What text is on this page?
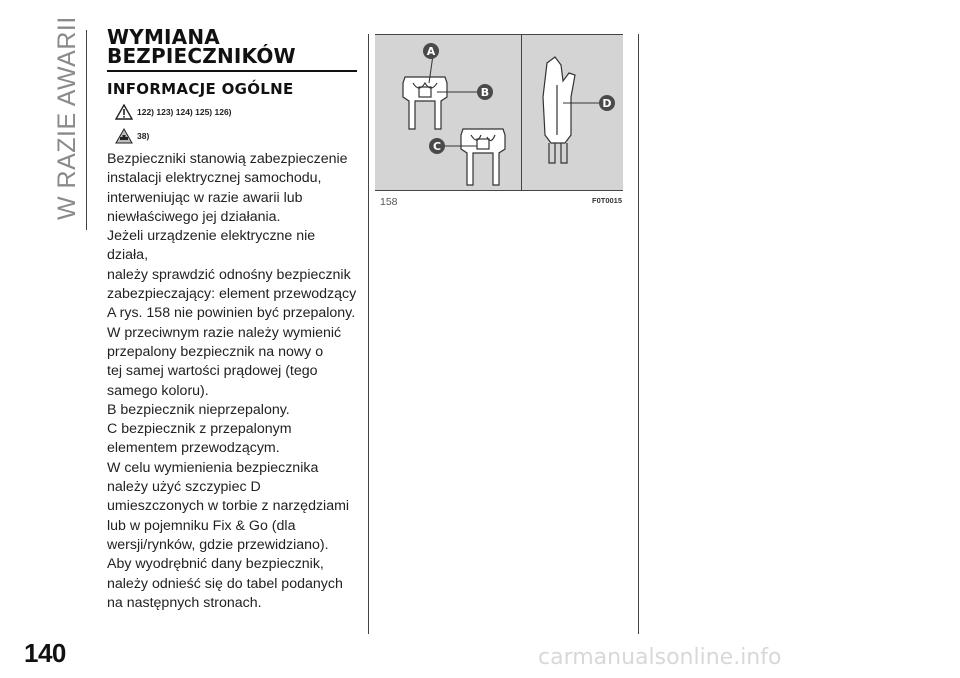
W RAZIE AWARII WYMIANA
BEZPIECZNIKÓW
INFORMACJE OGÓLNE
122) 123) 124) 125) 126)
38)

Bezpieczniki stanowią zabezpieczenie

instalacji elektrycznej samochodu,

interweniując w razie awarii lub

niewłaściwego jej działania.

Jeżeli urządzenie elektryczne nie działa,

należy sprawdzić odnośny bezpiecznik

zabezpieczający: element przewodzący

A rys. 158 nie powinien być przepalony.

W przeciwnym razie należy wymienić

przepalony bezpiecznik na nowy o

tej samej wartości prądowej (tego

samego koloru).

B bezpiecznik nieprzepalony.

C bezpiecznik z przepalonym

elementem przewodzącym.

W celu wymienienia bezpiecznika

należy użyć szczypiec D

umieszczonych w torbie z narzędziami

lub w pojemniku Fix & Go (dla

wersji/rynków, gdzie przewidziano).

Aby wyodrębnić dany bezpiecznik,

należy odnieść się do tabel podanych

na następnych stronach.

A
B
C
D
158	F0T0015
140	carmanualsonline.info
